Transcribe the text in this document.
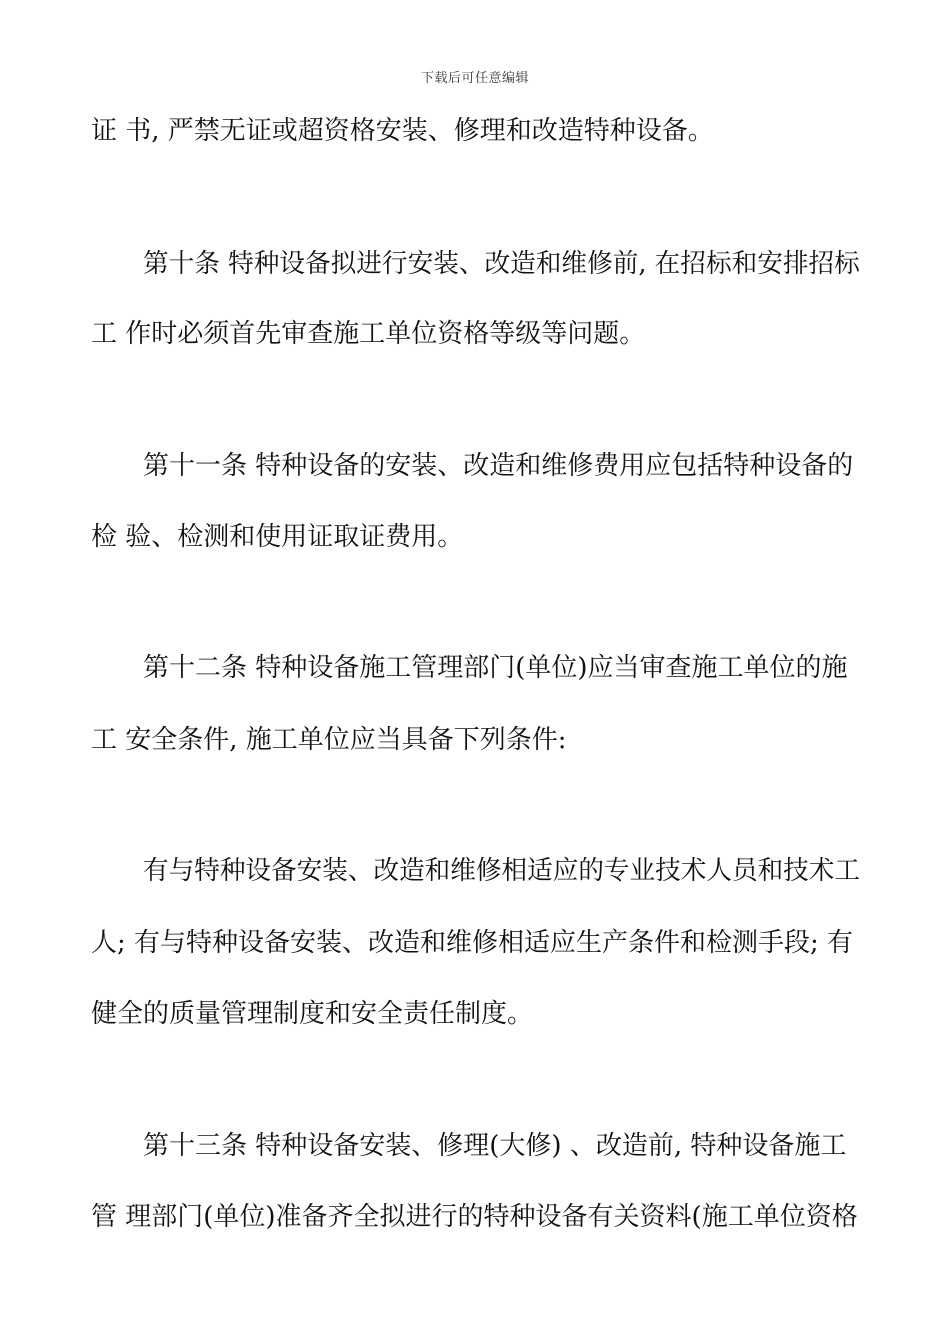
下载后可任意编辑
证 书, 严禁无证或超资格安装、修理和改造特种设备。
第十条 特种设备拟进行安装、改造和维修前, 在招标和安排招标
工 作时必须首先审查施工单位资格等级等问题。
第十一条 特种设备的安装、改造和维修费用应包括特种设备的
检 验、检测和使用证取证费用。
第十二条 特种设备施工管理部门(单位)应当审查施工单位的施
工 安全条件, 施工单位应当具备下列条件:
有与特种设备安装、改造和维修相适应的专业技术人员和技术工
人; 有与特种设备安装、改造和维修相适应生产条件和检测手段; 有
健全的质量管理制度和安全责任制度。
第十三条 特种设备安装、修理(大修) 、改造前, 特种设备施工
管 理部门(单位)准备齐全拟进行的特种设备有关资料(施工单位资格
